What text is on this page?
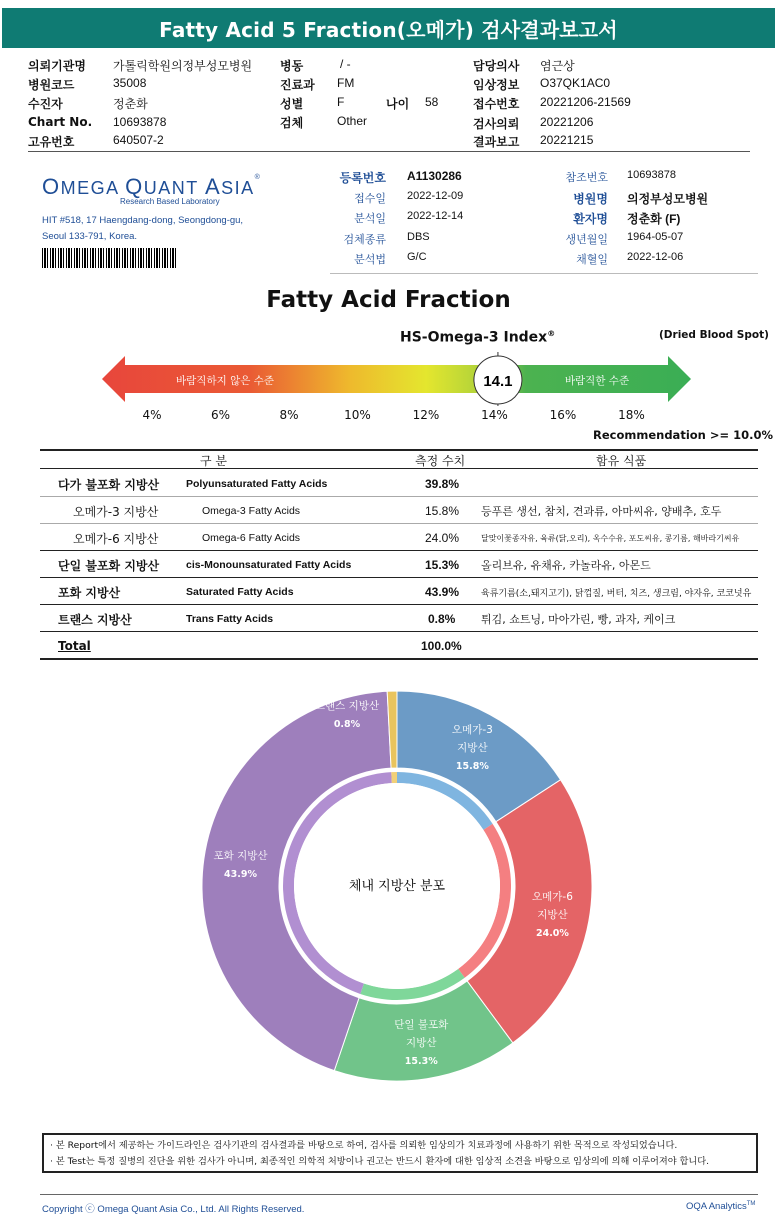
Fatty Acid 5 Fraction(오메가) 검사결과보고서
의뢰기관명 가톨릭학원의정부성모병원
병원코드	35008
수진자	정춘화
Chart No. 10693878
고유번호	640507-2
병동	/ -
진료과 FM
성별	F	나이 58
검체	Other
담당의사 염근상
임상정보 O37QK1AC0
접수번호 20221206-21569
검사의뢰 20221206
결과보고 20221215
OMEGA QUANT ASIA®
Research Based Laboratory
HIT #518, 17 Haengdang-dong, Seongdong-gu,
Seoul 133-791, Korea.
등록번호 A1130286
접수일 2022-12-09
분석일 2022-12-14
검체종류 DBS
분석법 G/C
참조번호 10693878
병원명 의정부성모병원
환자명 정춘화 (F)
생년월일 1964-05-07
채혈일 2022-12-06
Fatty Acid Fraction
HS-Omega-3 Index®	(Dried Blood Spot)
바람직하지 않은 수준	바람직한 수준
14.1
4%	6%	8%	10%	12%	14%	16%	18%
Recommendation >= 10.0%
구 분	측정 수치	함유 식품
다가 불포화 지방산	Polyunsaturated Fatty Acids	39.8%
오메가-3 지방산	Omega-3 Fatty Acids	15.8% 등푸른 생선, 참치, 견과류, 아마씨유, 양배추, 호두
오메가-6 지방산	Omega-6 Fatty Acids	24.0%	달맞이꽃종자유, 육류(닭,오리), 옥수수유, 포도씨유, 콩기름, 해바라기씨유
단일 불포화 지방산	cis-Monounsaturated Fatty Acids	15.3% 올리브유, 유채유, 카놀라유, 아몬드
포화 지방산	Saturated Fatty Acids	43.9% 육류기름(소,돼지고기), 닭껍질, 버터, 치즈, 생크림, 야자유, 코코넛유
트랜스 지방산	Trans Fatty Acids	0.8% 튀김, 쇼트닝, 마아가린, 빵, 과자, 케이크
Total	100.0%
체내 지방산 분포
오메가-3
지방산
15.8%
오메가-6
지방산
24.0%
단일 불포화
지방산
15.3%
포화 지방산
43.9%
트랜스 지방산
0.8%
· 본 Report에서 제공하는 가이드라인은 검사기관의 검사결과를 바탕으로 하여, 검사를 의뢰한 임상의가 치료과정에 사용하기 위한 목적으로 작성되었습니다.
· 본 Test는 특정 질병의 진단을 위한 검사가 아니며, 최종적인 의학적 처방이나 권고는 반드시 환자에 대한 임상적 소견을 바탕으로 임상의에 의해 이루어져야 합니다.
Copyright ⓒ Omega Quant Asia Co., Ltd. All Rights Reserved.	OQA Analytics™
